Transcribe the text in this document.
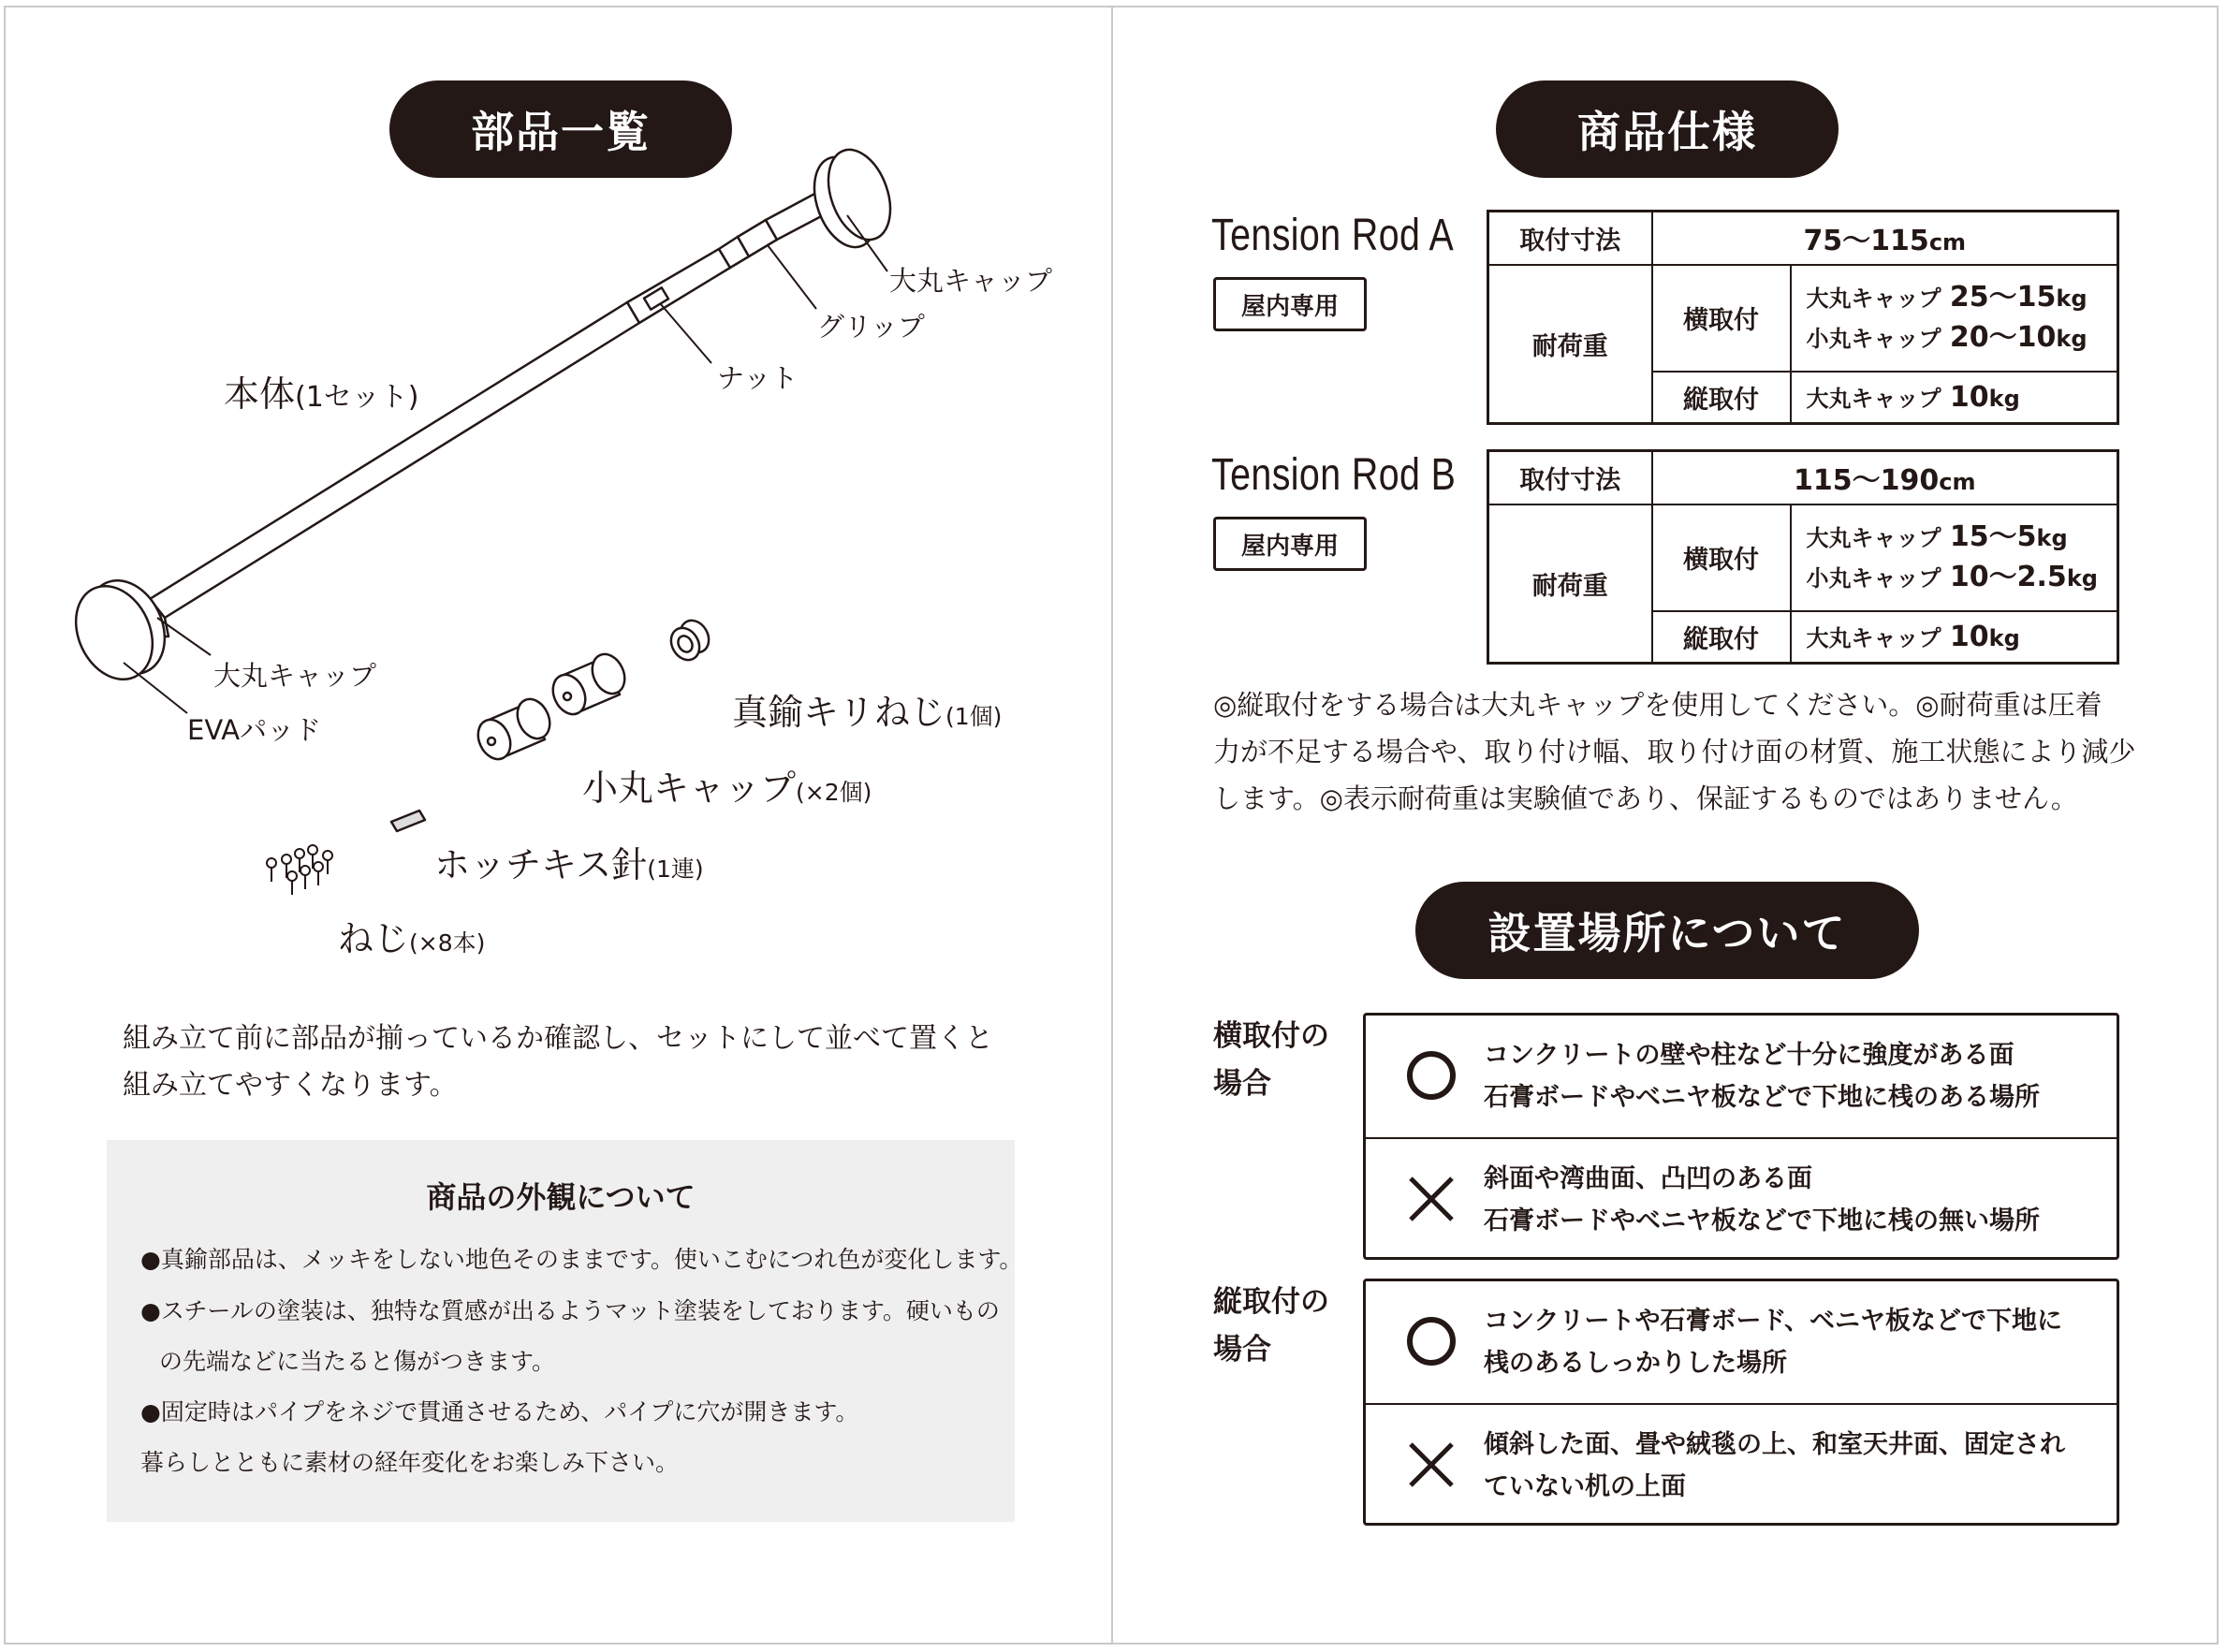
部品一覧
大丸キャップ
グリップ
ナット
本体(1セット)
大丸キャップ
EVAパッド	真鍮キリねじ(1個)
小丸キャップ(×2個)
ホッチキス針(1連)
ねじ(×8本)
組み立て前に部品が揃っているか確認し、セットにして並べて置くと
組み立てやすくなります。
商品の外観について
●真鍮部品は、メッキをしない地色そのままです。使いこむにつれ色が変化します。
●スチールの塗装は、独特な質感が出るようマット塗装をしております。硬いもの
の先端などに当たると傷がつきます。
●固定時はパイプをネジで貫通させるため、パイプに穴が開きます。
暮らしとともに素材の経年変化をお楽しみ下さい。
商品仕様
Tension Rod A
屋内専用
取付寸法	75～115cm	
耐荷重	横取付	大丸キャップ 25～15kg
小丸キャップ 20～10kg

	縦取付	大丸キャップ 10kg
Tension Rod B
屋内専用
取付寸法	115～190cm	
耐荷重	横取付	大丸キャップ 15～5kg
小丸キャップ 10～2.5kg

	縦取付	大丸キャップ 10kg
◎縦取付をする場合は大丸キャップを使用してください。◎耐荷重は圧着
力が不足する場合や、取り付け幅、取り付け面の材質、施工状態により減少
します。◎表示耐荷重は実験値であり、保証するものではありません。
設置場所について
横取付の
場合
コンクリートの壁や柱など十分に強度がある面
石膏ボードやベニヤ板などで下地に桟のある場所
斜面や湾曲面、凸凹のある面
石膏ボードやベニヤ板などで下地に桟の無い場所
縦取付の
場合
コンクリートや石膏ボード、ベニヤ板などで下地に
桟のあるしっかりした場所
傾斜した面、畳や絨毯の上、和室天井面、固定され
ていない机の上面
